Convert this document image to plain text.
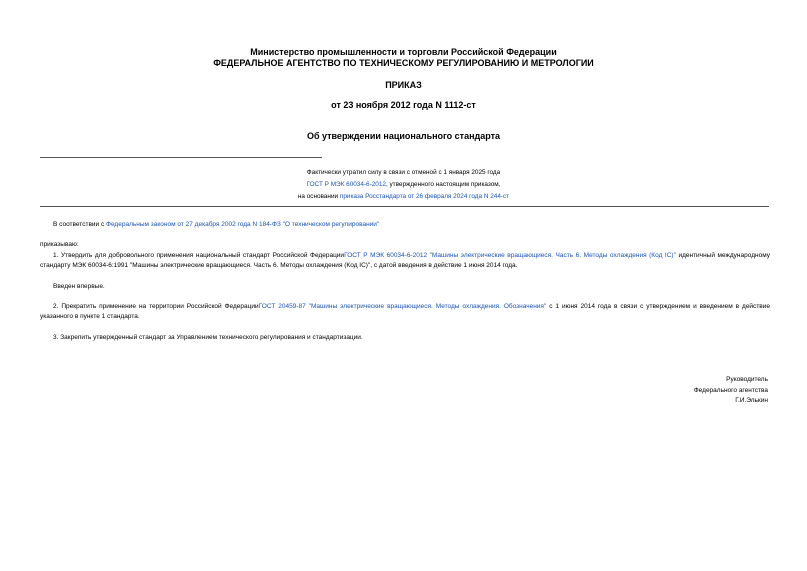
Министерство промышленности и торговли Российской Федерации
ФЕДЕРАЛЬНОЕ АГЕНТСТВО ПО ТЕХНИЧЕСКОМУ РЕГУЛИРОВАНИЮ И МЕТРОЛОГИИ
ПРИКАЗ
от 23 ноября 2012 года N 1112-ст
Об утверждении национального стандарта
Фактически утратил силу в связи с отменой с 1 января 2025 года
ГОСТ Р МЭК 60034-6-2012, утвержденного настоящим приказом,
на основании приказа Росстандарта от 26 февраля 2024 года N 244-ст
В соответствии с Федеральным законом от 27 декабря 2002 года N 184-ФЗ "О техническом регулировании"
приказываю:
1. Утвердить для добровольного применения национальный стандарт Российской ФедерацииГОСТ Р МЭК 60034-6-2012 "Машины электрические вращающиеся. Часть 6. Методы охлаждения (Код IC)" идентичный международному стандарту МЭК 60034-6:1991 "Машины электрические вращающиеся. Часть 6. Методы охлаждения (Код IC)", с датой введения в действие 1 июня 2014 года.
Введен впервые.
2. Прекратить применение на территории Российской ФедерацииГОСТ 20459-87 "Машины электрические вращающиеся. Методы охлаждения. Обозначения" с 1 июня 2014 года в связи с утверждением и введением в действие указанного в пункте 1 стандарта.
3. Закрепить утвержденный стандарт за Управлением технического регулирования и стандартизации.
Руководитель
Федерального агентства
Г.И.Элькин
